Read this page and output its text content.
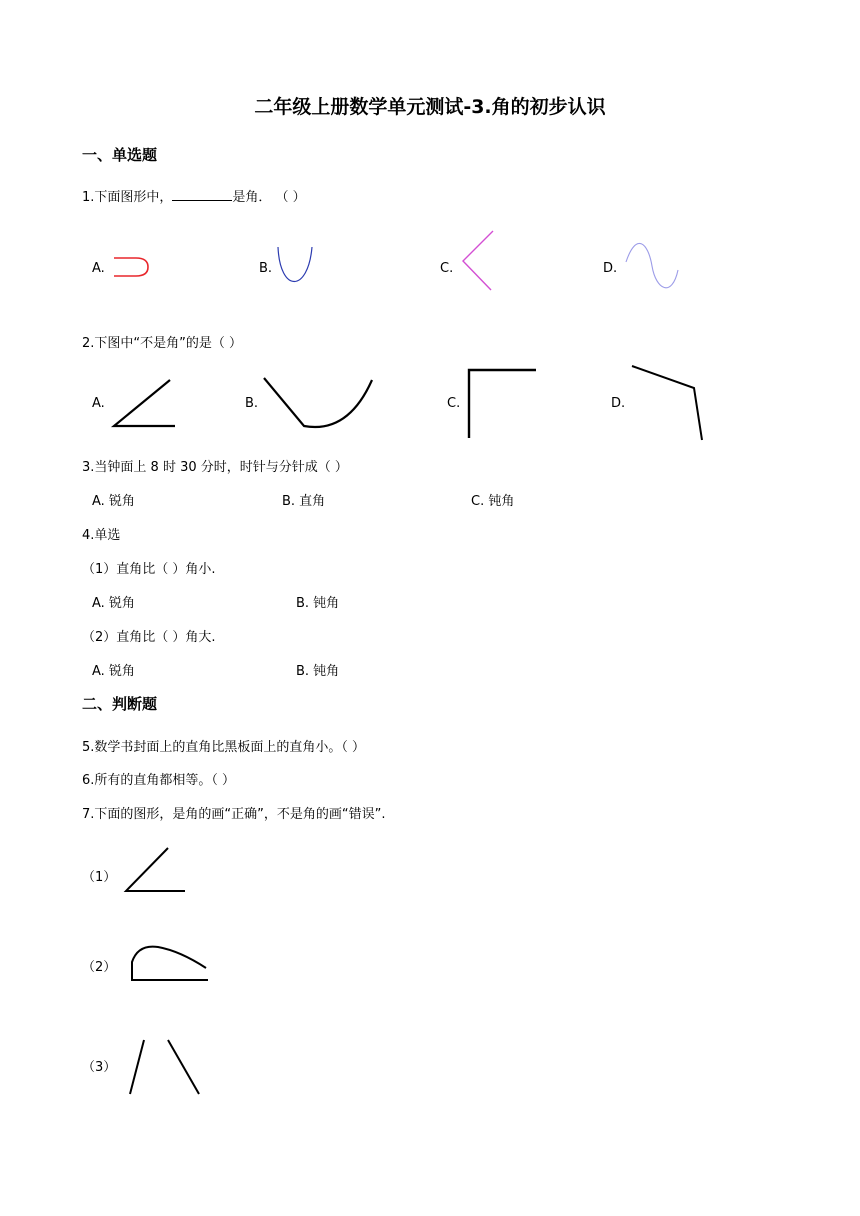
二年级上册数学单元测试-3.角的初步认识
一、单选题
1.下面图形中，	是角． （ ）
A.	B.	C.	D.
2.下图中“不是角”的是（ ）
A.	B.	C.	D.
3.当钟面上 8 时 30 分时，时针与分针成（ ）
A. 锐角	B. 直角	C. 钝角
4.单选
（1）直角比（ ）角小.
A. 锐角	B. 钝角
（2）直角比（ ）角大.
A. 锐角	B. 钝角
二、判断题
5.数学书封面上的直角比黑板面上的直角小。（ ）
6.所有的直角都相等。（ ）
7.下面的图形，是角的画“正确”，不是角的画“错误”.
（1）
（2）
（3）
